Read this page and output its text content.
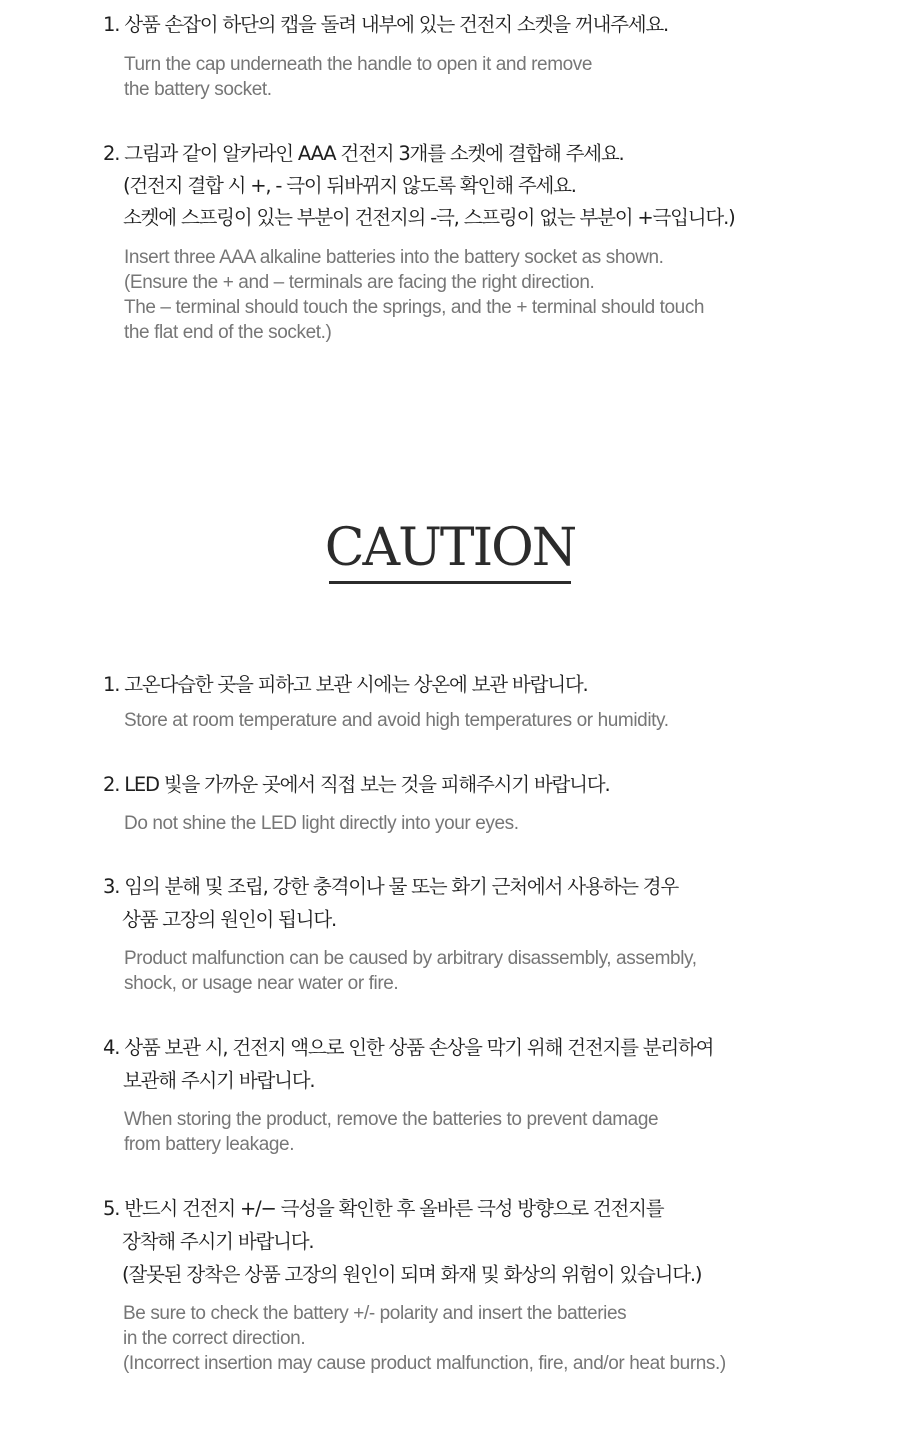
1. 상품 손잡이 하단의 캡을 돌려 내부에 있는 건전지 소켓을 꺼내주세요.
Turn the cap underneath the handle to open it and remove
the battery socket.
2. 그림과 같이 알카라인 AAA 건전지 3개를 소켓에 결합해 주세요.
(건전지 결합 시 +, - 극이 뒤바뀌지 않도록 확인해 주세요.
소켓에 스프링이 있는 부분이 건전지의 -극, 스프링이 없는 부분이 +극입니다.)
Insert three AAA alkaline batteries into the battery socket as shown.
(Ensure the + and – terminals are facing the right direction.
The – terminal should touch the springs, and the + terminal should touch
the flat end of the socket.)
CAUTION
1. 고온다습한 곳을 피하고 보관 시에는 상온에 보관 바랍니다.
Store at room temperature and avoid high temperatures or humidity.
2. LED 빛을 가까운 곳에서 직접 보는 것을 피해주시기 바랍니다.
Do not shine the LED light directly into your eyes.
3. 임의 분해 및 조립, 강한 충격이나 물 또는 화기 근처에서 사용하는 경우
상품 고장의 원인이 됩니다.
Product malfunction can be caused by arbitrary disassembly, assembly,
shock, or usage near water or fire.
4. 상품 보관 시, 건전지 액으로 인한 상품 손상을 막기 위해 건전지를 분리하여
보관해 주시기 바랍니다.
When storing the product, remove the batteries to prevent damage
from battery leakage.
5. 반드시 건전지 +/− 극성을 확인한 후 올바른 극성 방향으로 건전지를
장착해 주시기 바랍니다.
(잘못된 장착은 상품 고장의 원인이 되며 화재 및 화상의 위험이 있습니다.)
Be sure to check the battery +/- polarity and insert the batteries
in the correct direction.
(Incorrect insertion may cause product malfunction, fire, and/or heat burns.)
